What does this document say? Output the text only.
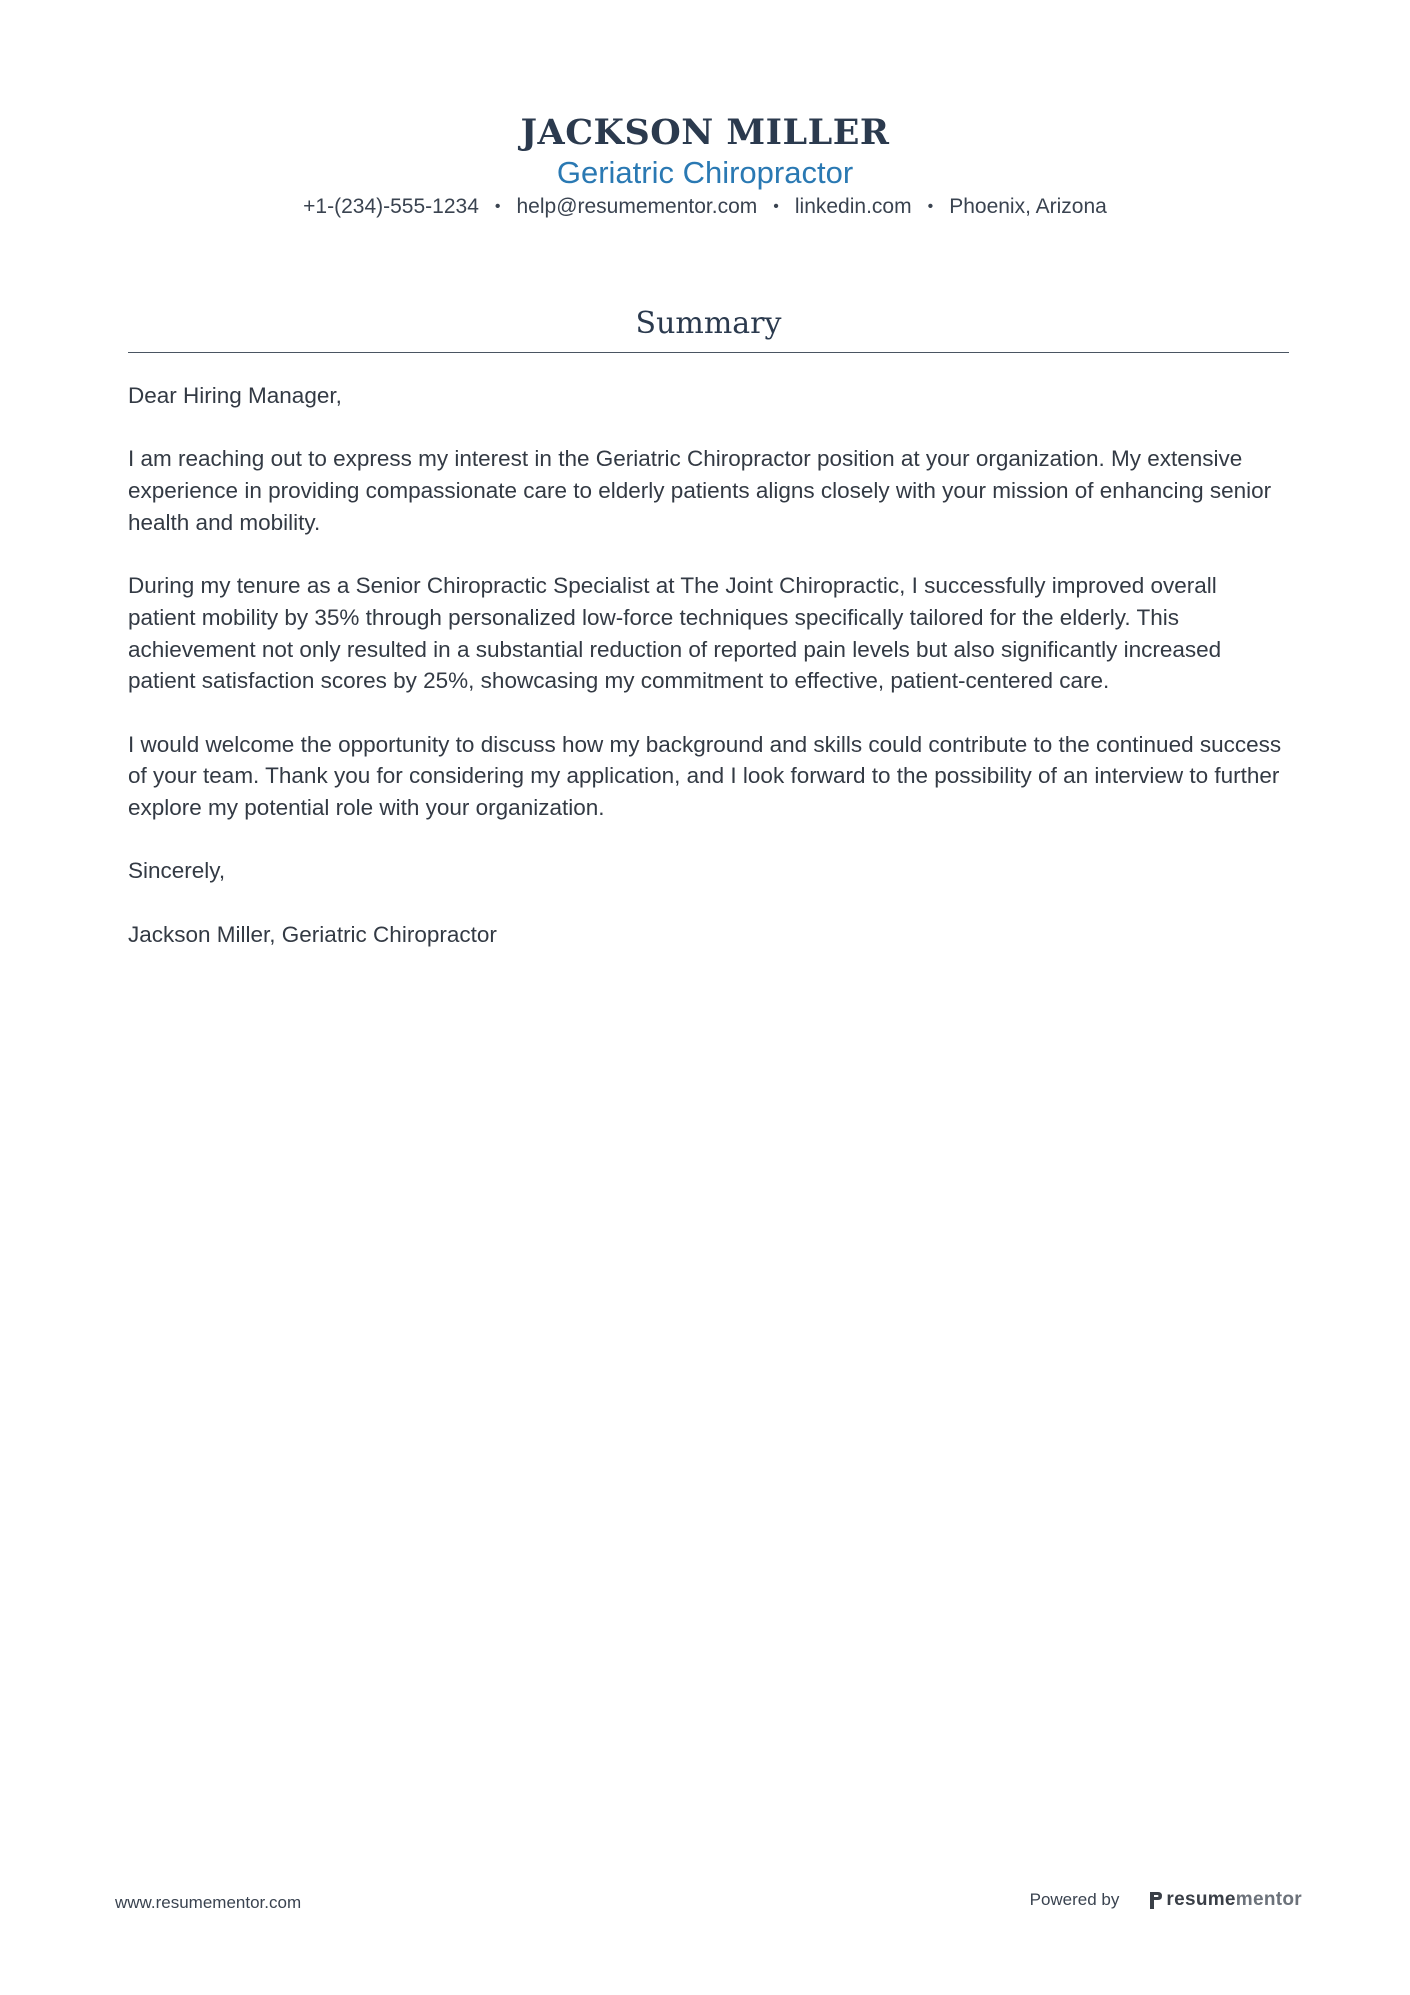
JACKSON MILLER
Geriatric Chiropractor
+1-(234)-555-1234 • help@resumementor.com • linkedin.com • Phoenix, Arizona
Summary

Dear Hiring Manager,

I am reaching out to express my interest in the Geriatric Chiropractor position at your organization. My extensive experience in providing compassionate care to elderly patients aligns closely with your mission of enhancing senior health and mobility.

During my tenure as a Senior Chiropractic Specialist at The Joint Chiropractic, I successfully improved overall patient mobility by 35% through personalized low-force techniques specifically tailored for the elderly. This achievement not only resulted in a substantial reduction of reported pain levels but also significantly increased patient satisfaction scores by 25%, showcasing my commitment to effective, patient-centered care.

I would welcome the opportunity to discuss how my background and skills could contribute to the continued success of your team. Thank you for considering my application, and I look forward to the possibility of an interview to further explore my potential role with your organization.

Sincerely,

Jackson Miller, Geriatric Chiropractor

www.resumementor.com	Powered by resume mentor
